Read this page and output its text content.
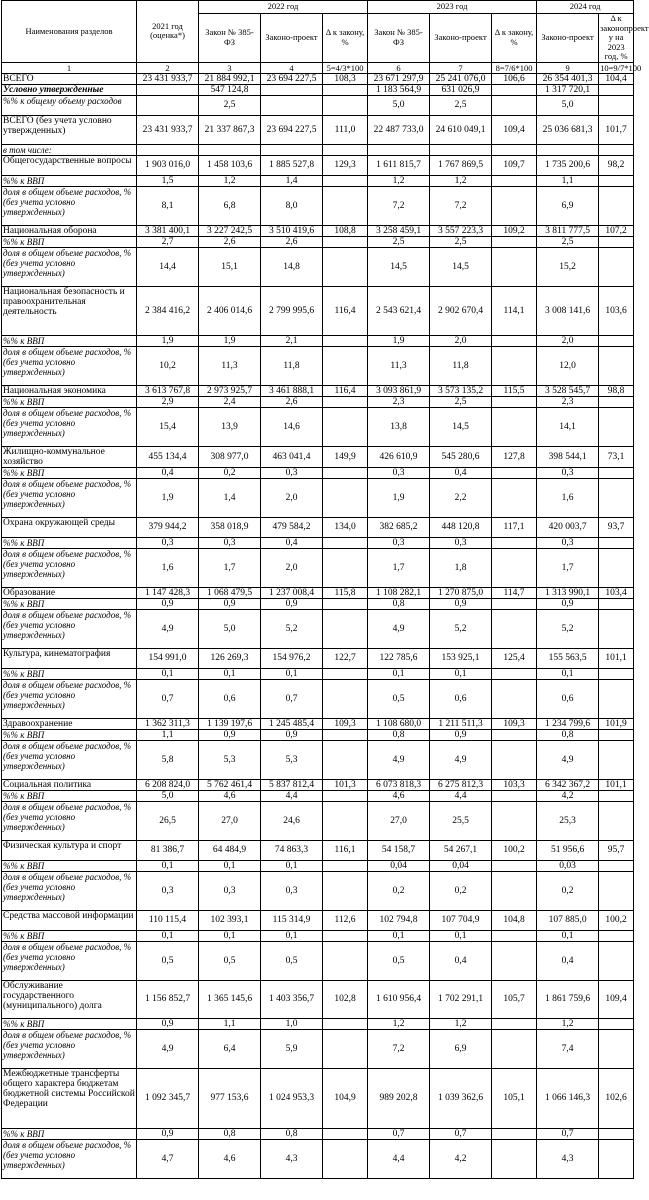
Наименования разделов	2021 год (оценка*)	2022 год			2023 год			2024 год	
		Закон № 385-ФЗ	Законо-проект	Δ к закону, %	Закон № 385-ФЗ	Законо-проект	Δ к закону, %	Законо-проект	Δ к законопроект у на 2023 год, %
1	2	3	4	5=4/3*100	6	7	8=7/6*100	9	10=9/7*100
ВСЕГО	23 431 933,7	21 884 992,1	23 694 227,5	108,3	23 671 297,9	25 241 076,0	106,6	26 354 401,3	104,4
Условно утвержденные		547 124,8			1 183 564,9	631 026,9		1 317 720,1	
%% к общему объему расходов		2,5			5,0	2,5		5,0	
ВСЕГО (без учета условно утвержденных)	23 431 933,7	21 337 867,3	23 694 227,5	111,0	22 487 733,0	24 610 049,1	109,4	25 036 681,3	101,7
в том числе:									
Общегосударственные вопросы	1 903 016,0	1 458 103,6	1 885 527,8	129,3	1 611 815,7	1 767 869,5	109,7	1 735 200,6	98,2
%% к ВВП	1,5	1,2	1,4		1,2	1,2		1,1	
доля в общем объеме расходов, % (без учета условно утвержденных)	8,1	6,8	8,0		7,2	7,2		6,9	
Национальная оборона	3 381 400,1	3 227 242,5	3 510 419,6	108,8	3 258 459,1	3 557 223,3	109,2	3 811 777,5	107,2
%% к ВВП	2,7	2,6	2,6		2,5	2,5		2,5	
доля в общем объеме расходов, % (без учета условно утвержденных)	14,4	15,1	14,8		14,5	14,5		15,2	
Национальная безопасность и правоохранительная деятельность	2 384 416,2	2 406 014,6	2 799 995,6	116,4	2 543 621,4	2 902 670,4	114,1	3 008 141,6	103,6
%% к ВВП	1,9	1,9	2,1		1,9	2,0		2,0	
доля в общем объеме расходов, % (без учета условно утвержденных)	10,2	11,3	11,8		11,3	11,8		12,0	
Национальная экономика	3 613 767,8	2 973 925,7	3 461 888,1	116,4	3 093 861,9	3 573 135,2	115,5	3 528 545,7	98,8
%% к ВВП	2,9	2,4	2,6		2,3	2,5		2,3	
доля в общем объеме расходов, % (без учета условно утвержденных)	15,4	13,9	14,6		13,8	14,5		14,1	
Жилищно-коммунальное хозяйство	455 134,4	308 977,0	463 041,4	149,9	426 610,9	545 280,6	127,8	398 544,1	73,1
%% к ВВП	0,4	0,2	0,3		0,3	0,4		0,3	
доля в общем объеме расходов, % (без учета условно утвержденных)	1,9	1,4	2,0		1,9	2,2		1,6	
Охрана окружающей среды	379 944,2	358 018,9	479 584,2	134,0	382 685,2	448 120,8	117,1	420 003,7	93,7
%% к ВВП	0,3	0,3	0,4		0,3	0,3		0,3	
доля в общем объеме расходов, % (без учета условно утвержденных)	1,6	1,7	2,0		1,7	1,8		1,7	
Образование	1 147 428,3	1 068 479,5	1 237 008,4	115,8	1 108 282,1	1 270 875,0	114,7	1 313 990,1	103,4
%% к ВВП	0,9	0,9	0,9		0,8	0,9		0,9	
доля в общем объеме расходов, % (без учета условно утвержденных)	4,9	5,0	5,2		4,9	5,2		5,2	
Культура, кинематография	154 991,0	126 269,3	154 976,2	122,7	122 785,6	153 925,1	125,4	155 563,5	101,1
%% к ВВП	0,1	0,1	0,1		0,1	0,1		0,1	
доля в общем объеме расходов, % (без учета условно утвержденных)	0,7	0,6	0,7		0,5	0,6		0,6	
Здравоохранение	1 362 311,3	1 139 197,6	1 245 485,4	109,3	1 108 680,0	1 211 511,3	109,3	1 234 799,6	101,9
%% к ВВП	1,1	0,9	0,9		0,8	0,9		0,8	
доля в общем объеме расходов, % (без учета условно утвержденных)	5,8	5,3	5,3		4,9	4,9		4,9	
Социальная политика	6 208 824,0	5 762 461,4	5 837 812,4	101,3	6 073 818,3	6 275 812,3	103,3	6 342 367,2	101,1
%% к ВВП	5,0	4,6	4,4		4,6	4,4		4,2	
доля в общем объеме расходов, % (без учета условно утвержденных)	26,5	27,0	24,6		27,0	25,5		25,3	
Физическая культура и спорт	81 386,7	64 484,9	74 863,3	116,1	54 158,7	54 267,1	100,2	51 956,6	95,7
%% к ВВП	0,1	0,1	0,1		0,04	0,04		0,03	
доля в общем объеме расходов, % (без учета условно утвержденных)	0,3	0,3	0,3		0,2	0,2		0,2	
Средства массовой информации	110 115,4	102 393,1	115 314,9	112,6	102 794,8	107 704,9	104,8	107 885,0	100,2
%% к ВВП	0,1	0,1	0,1		0,1	0,1		0,1	
доля в общем объеме расходов, % (без учета условно утвержденных)	0,5	0,5	0,5		0,5	0,4		0,4	
Обслуживание государственного (муниципального) долга	1 156 852,7	1 365 145,6	1 403 356,7	102,8	1 610 956,4	1 702 291,1	105,7	1 861 759,6	109,4
%% к ВВП	0,9	1,1	1,0		1,2	1,2		1,2	
доля в общем объеме расходов, % (без учета условно утвержденных)	4,9	6,4	5,9		7,2	6,9		7,4	
Межбюджетные трансферты общего характера бюджетам бюджетной системы Российской Федерации	1 092 345,7	977 153,6	1 024 953,3	104,9	989 202,8	1 039 362,6	105,1	1 066 146,3	102,6
%% к ВВП	0,9	0,8	0,8		0,7	0,7		0,7	
доля в общем объеме расходов, % (без учета условно утвержденных)	4,7	4,6	4,3		4,4	4,2		4,3	
